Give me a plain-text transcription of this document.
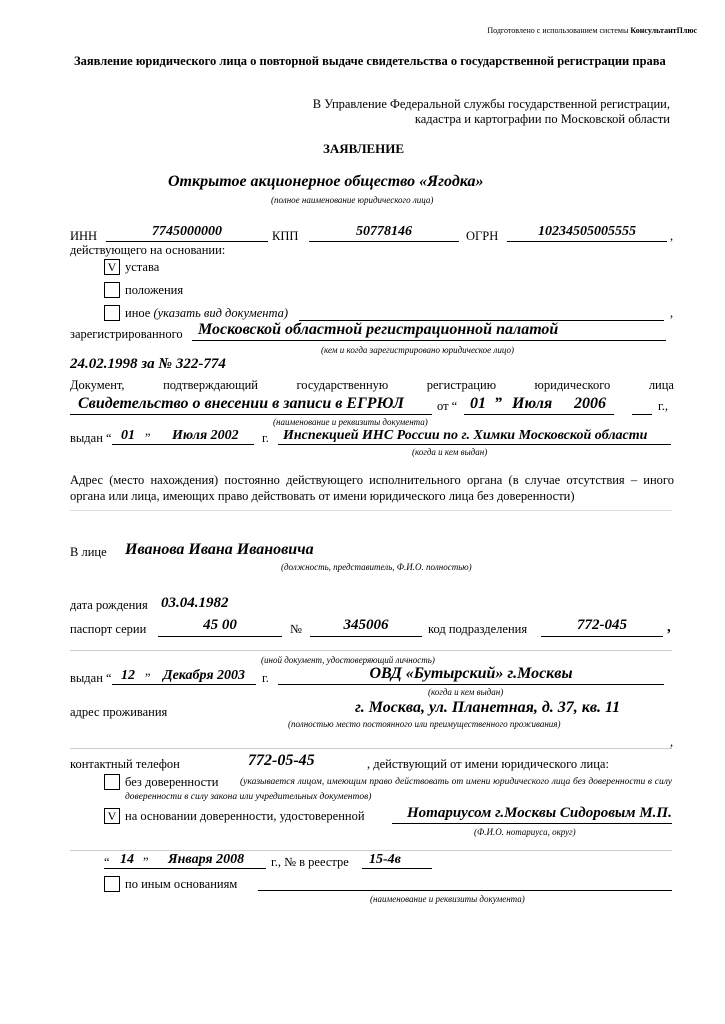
Подготовлено с использованием системы КонсультантПлюс
Заявление юридического лица о повторной выдаче свидетельства о государственной регистрации права
В Управление Федеральной службы государственной регистрации,
кадастра и картографии по Московской области
ЗАЯВЛЕНИЕ
Открытое акционерное общество «Ягодка»
(полное наименование юридического лица)
ИНН	7745000000	КПП	50778146	ОГРН	10234505005555	,
действующего на основании:
V устава
положения
иное (указать вид документа)	,
зарегистрированного Московской областной регистрационной палатой
(кем и когда зарегистрировано юридическое лицо)
24.02.1998 за № 322-774
Документ, подтверждающий государственную регистрацию юридического лица
Свидетельство о внесении в записи в ЕГРЮЛ	от “ 01 ” Июля 2006	г.,
(наименование и реквизиты документа)
выдан “ 01 ” Июля 2002 г. Инспекцией ИНС России по г. Химки Московской области
(когда и кем выдан)
Адрес (место нахождения) постоянно действующего исполнительного органа (в случае отсутствия – иного органа или лица, имеющих право действовать от имени юридического лица без доверенности)
В лице Иванова Ивана Ивановича
(должность, представитель, Ф.И.О. полностью)
дата рождения 03.04.1982
паспорт серии	45 00	№	345006	код подразделения	772-045	,
(иной документ, удостоверяющий личность)
выдан “ 12 ” Декабря 2003 г.	ОВД «Бутырский» г.Москвы
(когда и кем выдан)
адрес проживания	г. Москва, ул. Планетная, д. 37, кв. 11
(полностью место постоянного или преимущественного проживания)
,
контактный телефон	772-05-45	, действующий от имени юридического лица:
без доверенности (указывается лицом, имеющим право действовать от имени юридического лица без доверенности в силу
доверенности в силу закона или учредительных документов)
V на основании доверенности, удостоверенной	Нотариусом г.Москвы Сидоровым М.П.
(Ф.И.О. нотариуса, округ)
“ 14 ” Января 2008 г., № в реестре 15-4в
по иным основаниям
(наименование и реквизиты документа)
